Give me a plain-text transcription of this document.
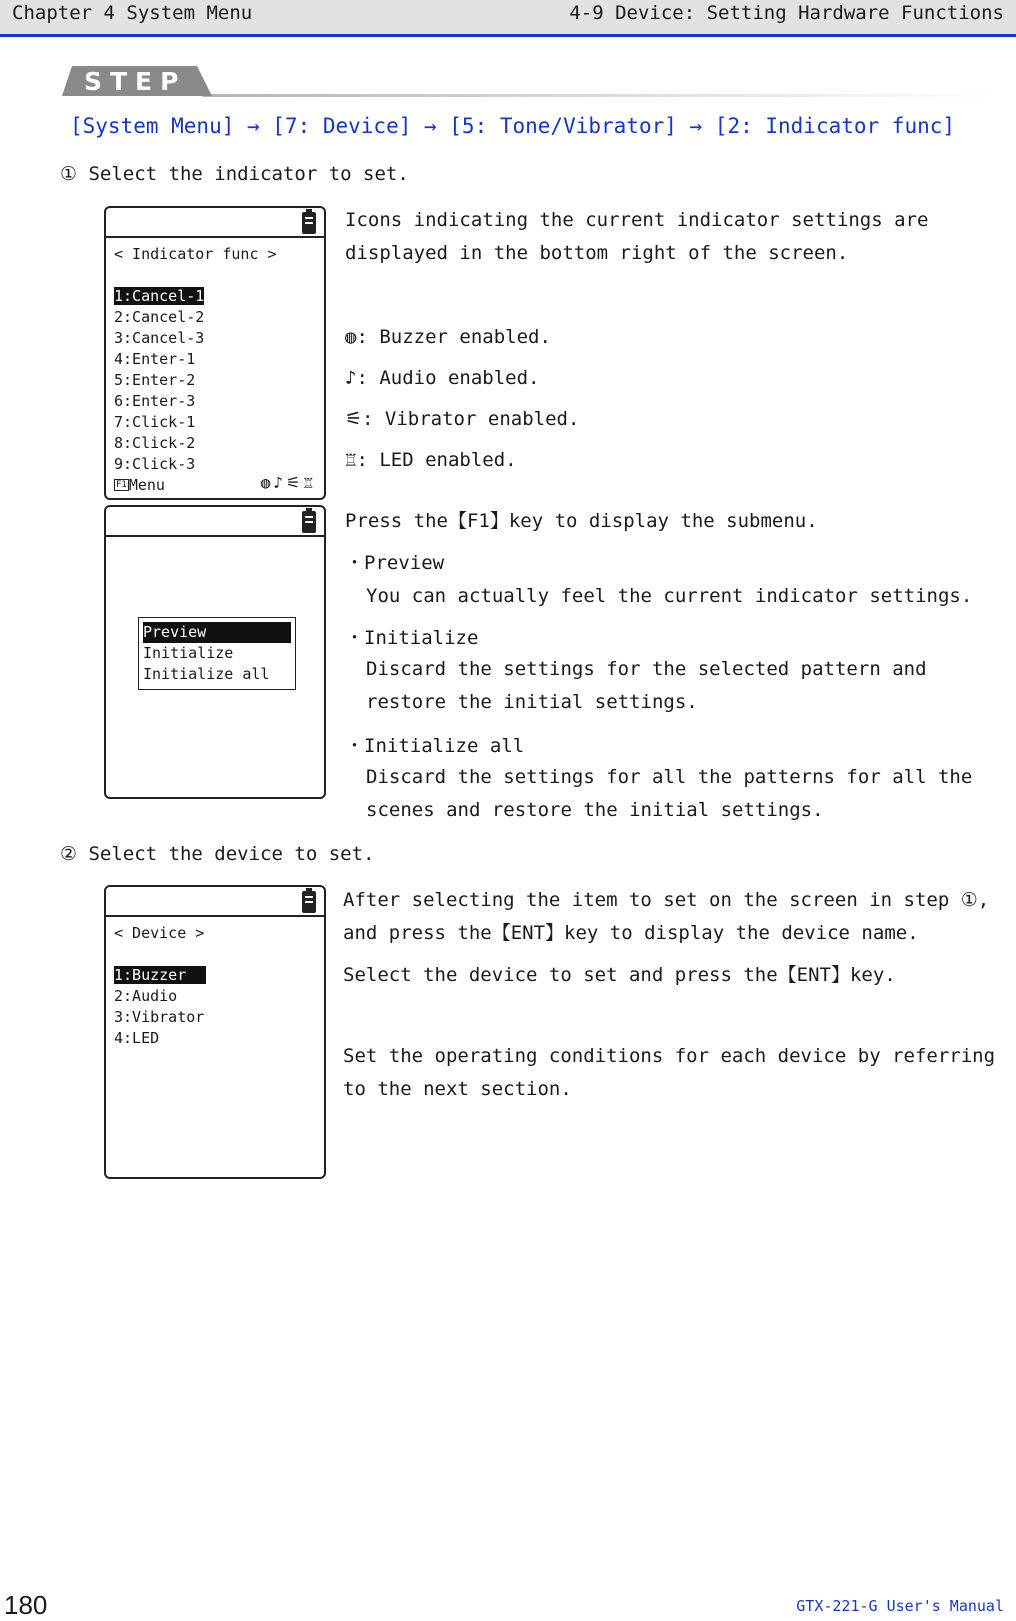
Chapter 4 System Menu	4-9 Device: Setting Hardware Functions
STEP
[System Menu] → [7: Device] → [5: Tone/Vibrator] → [2: Indicator func]
① Select the indicator to set.
< Indicator func >
1:Cancel-1
2:Cancel-2
3:Cancel-3
4:Enter-1
5:Enter-2
6:Enter-3
7:Click-1
8:Click-2
9:Click-3
F1 Menu	◍♪⚟♖
Icons indicating the current indicator settings are displayed in the bottom right of the screen.
◍: Buzzer enabled.
♪: Audio enabled.
⚟: Vibrator enabled.
♖: LED enabled.
Preview
Initialize
Initialize all
Press the【F1】key to display the submenu.
・Preview
You can actually feel the current indicator settings.
・Initialize
Discard the settings for the selected pattern and restore the initial settings.
・Initialize all
Discard the settings for all the patterns for all the scenes and restore the initial settings.
② Select the device to set.
< Device >
1:Buzzer
2:Audio
3:Vibrator
4:LED
After selecting the item to set on the screen in step ①, and press the【ENT】key to display the device name.
Select the device to set and press the【ENT】key.
Set the operating conditions for each device by referring to the next section.
180	GTX-221-G User's Manual
